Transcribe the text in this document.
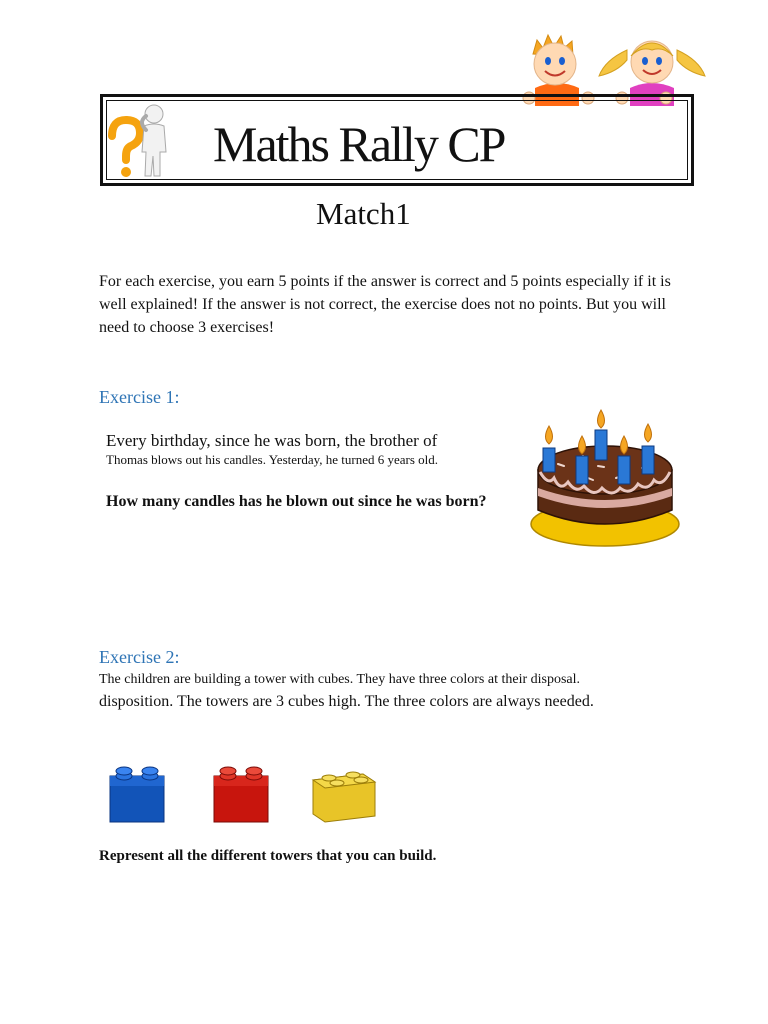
Maths Rally CP
Match1
For each exercise, you earn 5 points if the answer is correct and 5 points especially if it is well explained! If the answer is not correct, the exercise does not no points. But you will need to choose 3 exercises!
Exercise 1:
Every birthday, since he was born, the brother of
Thomas blows out his candles. Yesterday, he turned 6 years old.
How many candles has he blown out since he was born?
Exercise 2:
The children are building a tower with cubes. They have three colors at their disposal.
disposition. The towers are 3 cubes high. The three colors are always needed.
Represent all the different towers that you can build.
